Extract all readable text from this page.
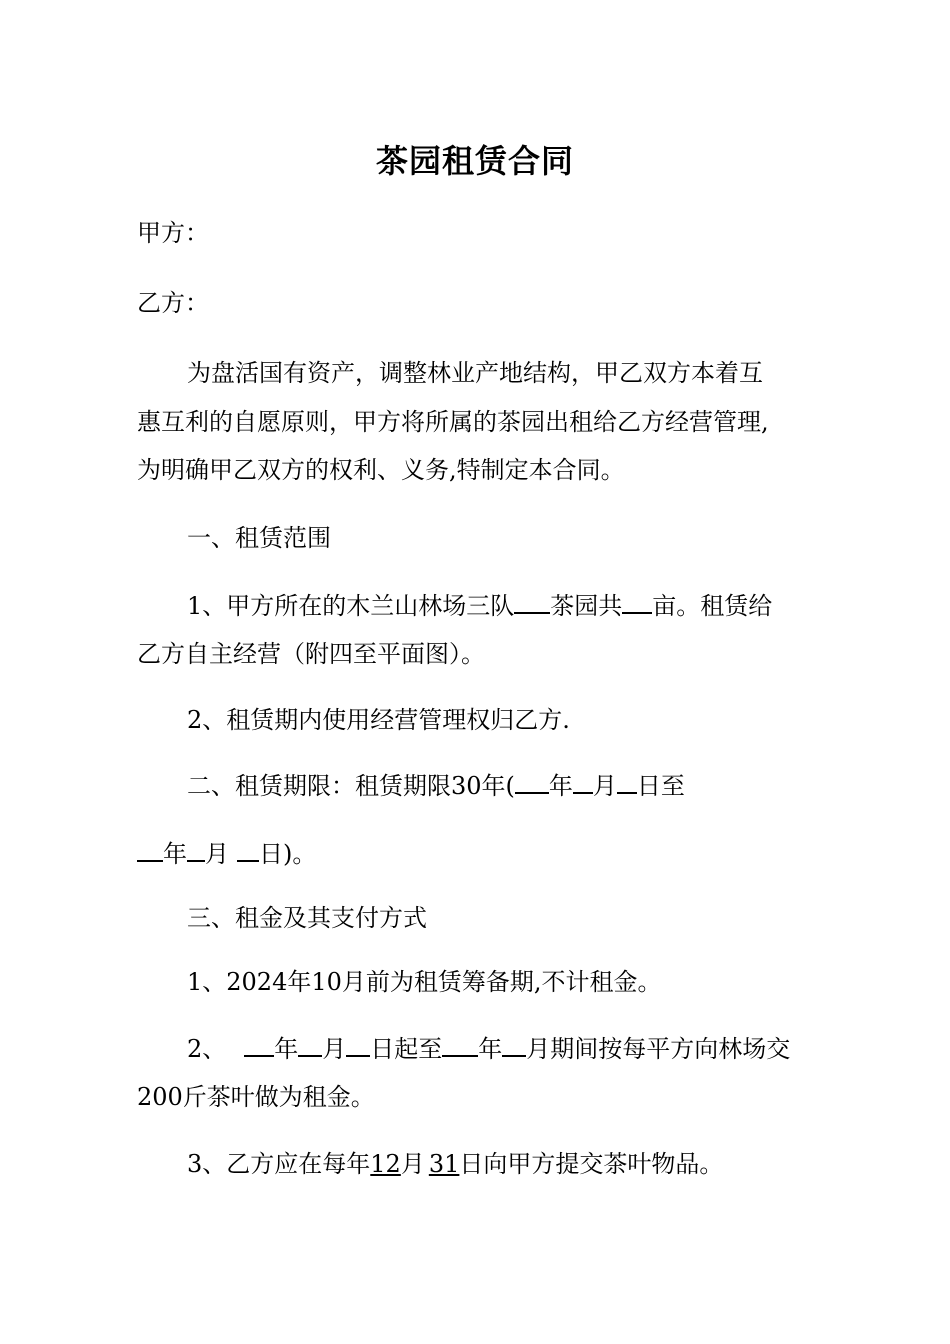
茶园租赁合同
甲方：
乙方：
为盘活国有资产，调整林业产地结构，甲乙双方本着互
惠互利的自愿原则，甲方将所属的茶园出租给乙方经营管理,
为明确甲乙双方的权利、义务,特制定本合同。
一、租赁范围
1、甲方所在的木兰山林场三队 茶园共 亩。租赁给
乙方自主经营（附四至平面图）。
2、租赁期内使用经营管理权归乙方.
二、租赁期限：租赁期限30年( 年 月 日至
年 月 日)。
三、租金及其支付方式
1、2024年10月前为租赁筹备期,不计租金。
2、 年 月 日起至 年 月期间按每平方向林场交
200斤茶叶做为租金。
3、乙方应在每年12月 31日向甲方提交茶叶物品。
